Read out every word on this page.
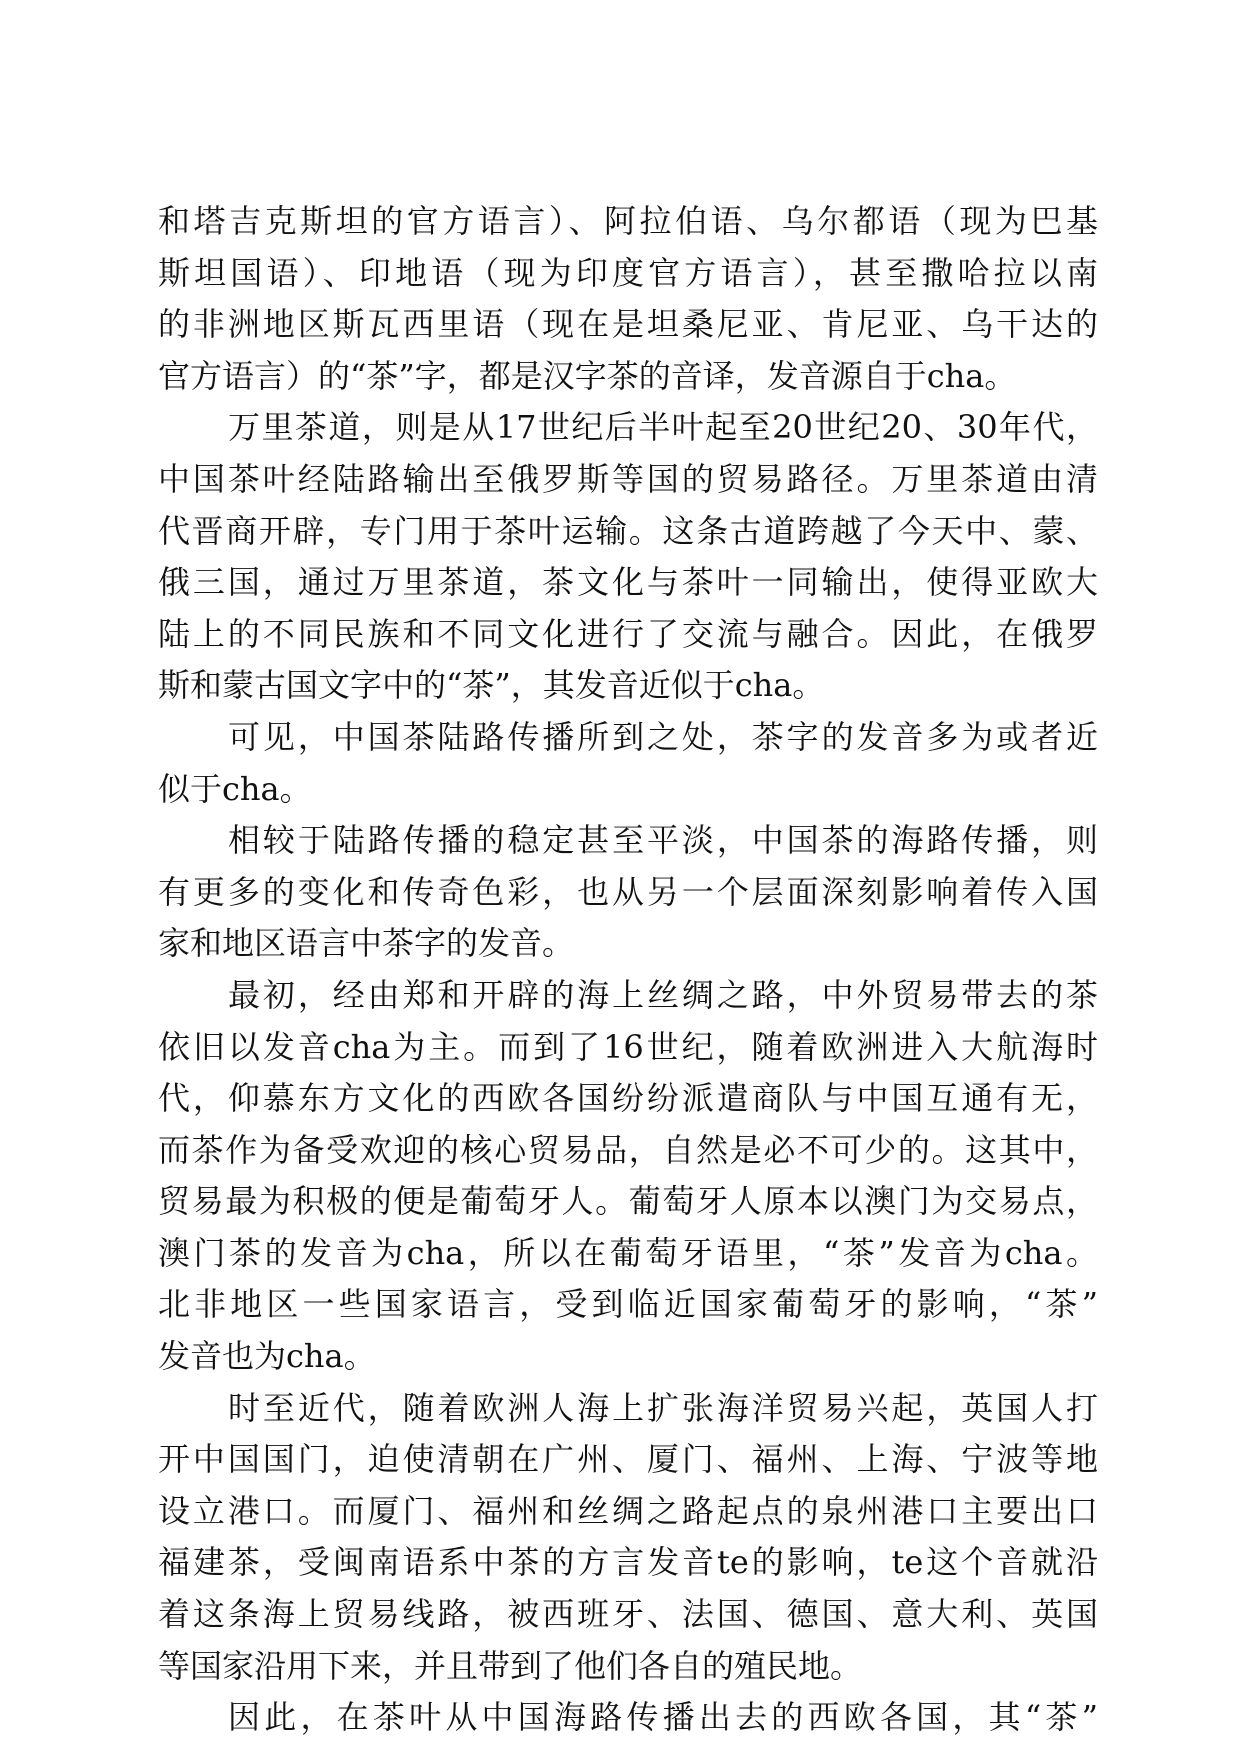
和塔吉克斯坦的官方语言）、阿拉伯语、乌尔都语（现为巴基
斯坦国语）、印地语（现为印度官方语言），甚至撒哈拉以南
的非洲地区斯瓦西里语（现在是坦桑尼亚、肯尼亚、乌干达的
官方语言）的“茶”字，都是汉字茶的音译，发音源自于cha。
万里茶道，则是从17世纪后半叶起至20世纪20、30年代，
中国茶叶经陆路输出至俄罗斯等国的贸易路径。万里茶道由清
代晋商开辟，专门用于茶叶运输。这条古道跨越了今天中、蒙、
俄三国，通过万里茶道，茶文化与茶叶一同输出，使得亚欧大
陆上的不同民族和不同文化进行了交流与融合。因此，在俄罗
斯和蒙古国文字中的“茶”，其发音近似于cha。
可见，中国茶陆路传播所到之处，茶字的发音多为或者近
似于cha。
相较于陆路传播的稳定甚至平淡，中国茶的海路传播，则
有更多的变化和传奇色彩，也从另一个层面深刻影响着传入国
家和地区语言中茶字的发音。
最初，经由郑和开辟的海上丝绸之路，中外贸易带去的茶
依旧以发音cha为主。而到了16世纪，随着欧洲进入大航海时
代，仰慕东方文化的西欧各国纷纷派遣商队与中国互通有无，
而茶作为备受欢迎的核心贸易品，自然是必不可少的。这其中，
贸易最为积极的便是葡萄牙人。葡萄牙人原本以澳门为交易点，
澳门茶的发音为cha，所以在葡萄牙语里，“茶”发音为cha。
北非地区一些国家语言，受到临近国家葡萄牙的影响，“茶”
发音也为cha。
时至近代，随着欧洲人海上扩张海洋贸易兴起，英国人打
开中国国门，迫使清朝在广州、厦门、福州、上海、宁波等地
设立港口。而厦门、福州和丝绸之路起点的泉州港口主要出口
福建茶，受闽南语系中茶的方言发音te的影响，te这个音就沿
着这条海上贸易线路，被西班牙、法国、德国、意大利、英国
等国家沿用下来，并且带到了他们各自的殖民地。
因此，在茶叶从中国海路传播出去的西欧各国，其“茶”
